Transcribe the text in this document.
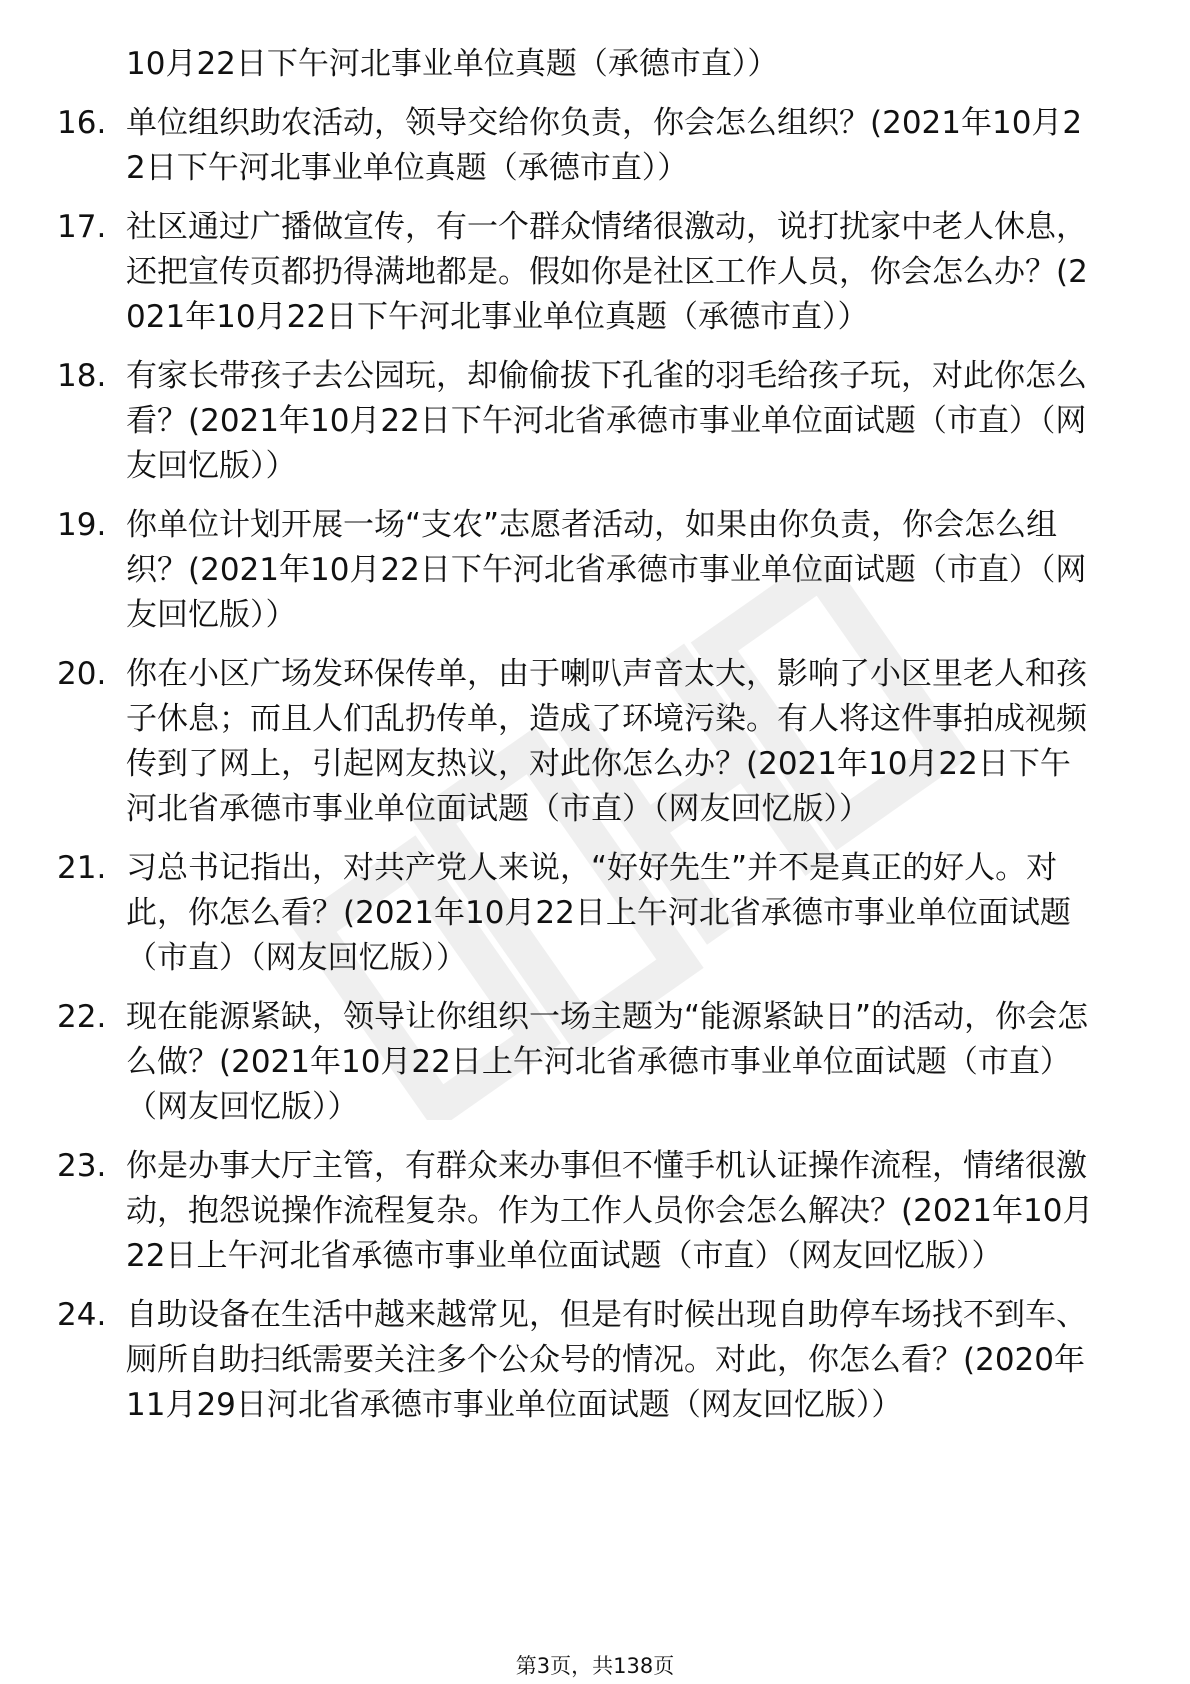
10月22日下午河北事业单位真题（承德市直））
16. 单位组织助农活动，领导交给你负责，你会怎么组织？(2021年10月22日下午河北事业单位真题（承德市直））
17. 社区通过广播做宣传，有一个群众情绪很激动，说打扰家中老人休息，还把宣传页都扔得满地都是。假如你是社区工作人员，你会怎么办？(2021年10月22日下午河北事业单位真题（承德市直））
18. 有家长带孩子去公园玩，却偷偷拔下孔雀的羽毛给孩子玩，对此你怎么看？(2021年10月22日下午河北省承德市事业单位面试题（市直）（网友回忆版））
19. 你单位计划开展一场“支农”志愿者活动，如果由你负责，你会怎么组织？(2021年10月22日下午河北省承德市事业单位面试题（市直）（网友回忆版））
20. 你在小区广场发环保传单，由于喇叭声音太大，影响了小区里老人和孩子休息；而且人们乱扔传单，造成了环境污染。有人将这件事拍成视频传到了网上，引起网友热议，对此你怎么办？(2021年10月22日下午河北省承德市事业单位面试题（市直）（网友回忆版））
21. 习总书记指出，对共产党人来说，“好好先生”并不是真正的好人。对此，你怎么看？(2021年10月22日上午河北省承德市事业单位面试题（市直）（网友回忆版））
22. 现在能源紧缺，领导让你组织一场主题为“能源紧缺日”的活动，你会怎么做？(2021年10月22日上午河北省承德市事业单位面试题（市直）（网友回忆版））
23. 你是办事大厅主管，有群众来办事但不懂手机认证操作流程，情绪很激动，抱怨说操作流程复杂。作为工作人员你会怎么解决？(2021年10月22日上午河北省承德市事业单位面试题（市直）（网友回忆版））
24. 自助设备在生活中越来越常见，但是有时候出现自助停车场找不到车、厕所自助扫纸需要关注多个公众号的情况。对此，你怎么看？(2020年11月29日河北省承德市事业单位面试题（网友回忆版））
第3页，共138页
